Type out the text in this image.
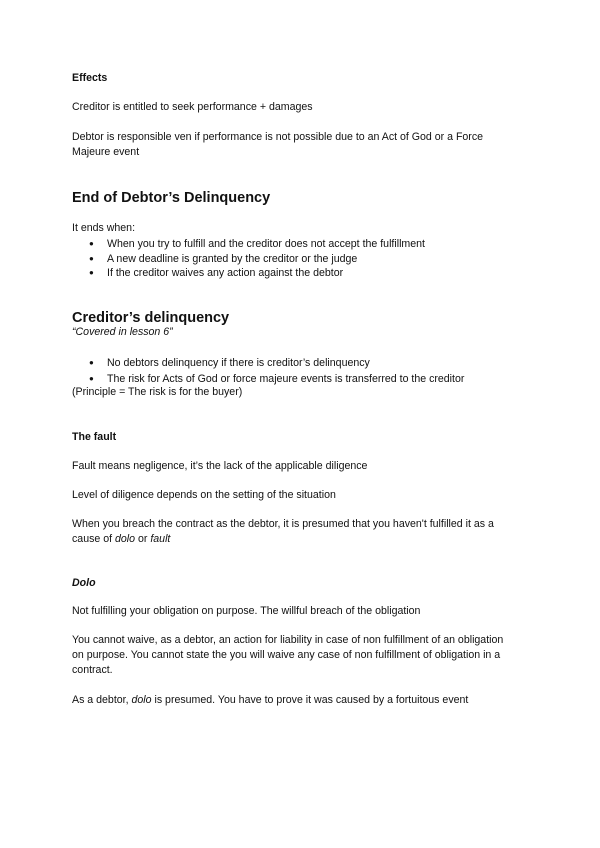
Effects
Creditor is entitled to seek performance + damages
Debtor is responsible ven if performance is not possible due to an Act of God or a Force
Majeure event
End of Debtor’s Delinquency
It ends when:
● When you try to fulfill and the creditor does not accept the fulfillment
● A new deadline is granted by the creditor or the judge
● If the creditor waives any action against the debtor
Creditor’s delinquency
“Covered in lesson 6”
● No debtors delinquency if there is creditor’s delinquency
● The risk for Acts of God or force majeure events is transferred to the creditor
(Principle = The risk is for the buyer)
The fault
Fault means negligence, it’s the lack of the applicable diligence
Level of diligence depends on the setting of the situation
When you breach the contract as the debtor, it is presumed that you haven't fulfilled it as a
cause of dolo or fault
Dolo
Not fulfilling your obligation on purpose. The willful breach of the obligation
You cannot waive, as a debtor, an action for liability in case of non fulfillment of an obligation
on purpose. You cannot state the you will waive any case of non fulfillment of obligation in a
contract.
As a debtor, dolo is presumed. You have to prove it was caused by a fortuitous event
